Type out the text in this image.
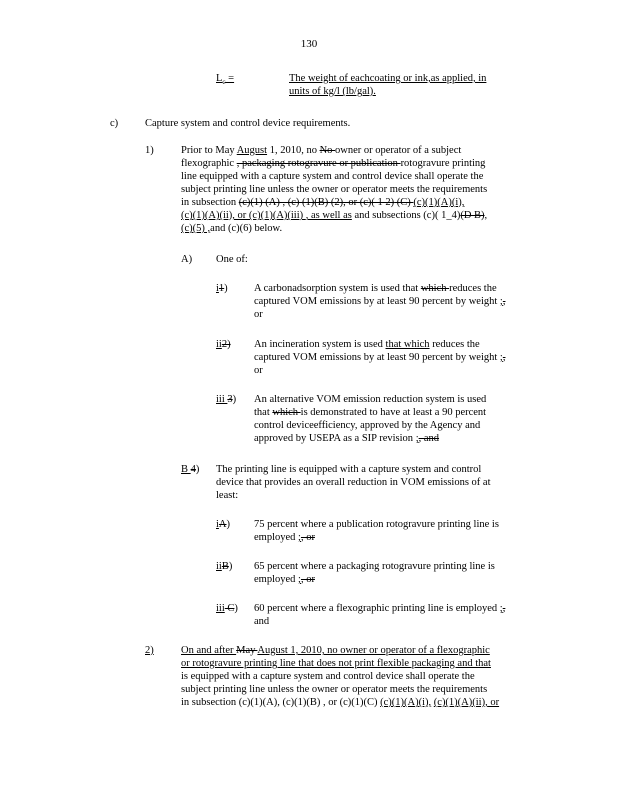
130
$L_c$ =	The weight of eachcoating or ink,as applied, in
units of kg/l (lb/gal).
c)	Capture system and control device requirements.
1)	Prior to May August 1, 2010, no No owner or operator of a subject
flexographic , packaging rotogravure or publication rotogravure printing
line equipped with a capture system and control device shall operate the
subject printing line unless the owner or operator meets the requirements
in subsection (c)(1) (A) , (c) (1)(B) (2), or (c)( 1 2) (C) (c)(1)(A)(i),
(c)(1)(A)(ii), or (c)(1)(A)(iii) , as well as and subsections (c)( 1_4)(D B),
(c)(5) ,and (c)(6) below.
A) One of:
i1)	A carbonadsorption system is used that which reduces the
captured VOM emissions by at least 90 percent by weight ;,
or
ii2) An incineration system is used that which reduces the
captured VOM emissions by at least 90 percent by weight ;,
or
iii 3) An alternative VOM emission reduction system is used
that which is demonstrated to have at least a 90 percent
control deviceefficiency, approved by the Agency and
approved by USEPA as a SIP revision ;, and
B 4) The printing line is equipped with a capture system and control
device that provides an overall reduction in VOM emissions of at
least:
iA) 75 percent where a publication rotogravure printing line is
employed ;, or
iiB) 65 percent where a packaging rotogravure printing line is
employed ;, or
iii C) 60 percent where a flexographic printing line is employed ;,
and
2)	On and after May August 1, 2010, no owner or operator of a flexographic
or rotogravure printing line that does not print flexible packaging and that
is equipped with a capture system and control device shall operate the
subject printing line unless the owner or operator meets the requirements
in subsection (c)(1)(A), (c)(1)(B) , or (c)(1)(C) (c)(1)(A)(i), (c)(1)(A)(ii), or
